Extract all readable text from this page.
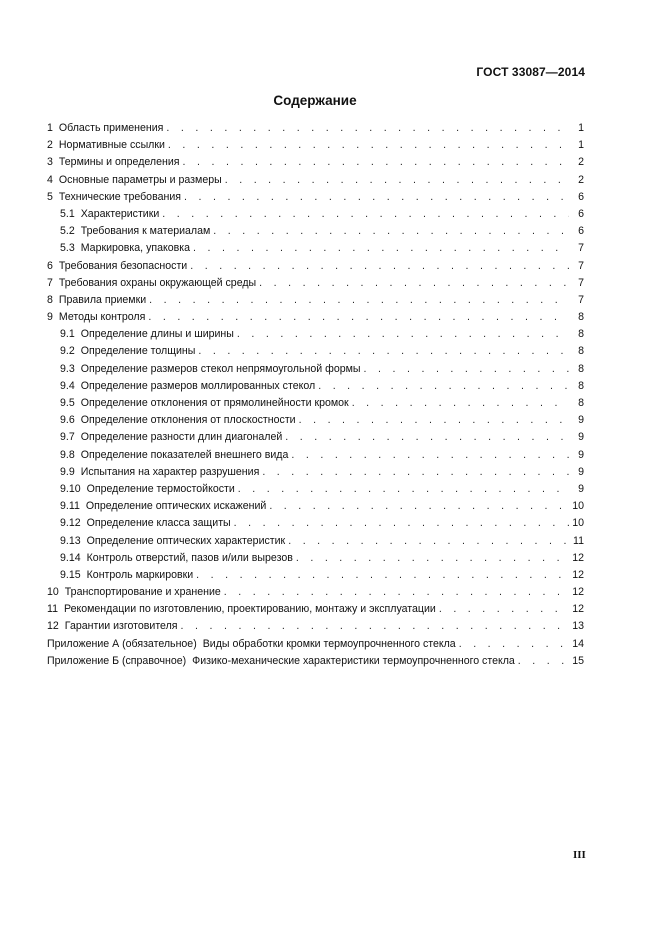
ГОСТ 33087—2014
Содержание
1 Область применения . . .	1
2 Нормативные ссылки . . .	1
3 Термины и определения . . .	2
4 Основные параметры и размеры . . .	2
5 Технические требования . . .	6
5.1 Характеристики . . .	6
5.2 Требования к материалам . . .	6
5.3 Маркировка, упаковка . . .	7
6 Требования безопасности . . .	7
7 Требования охраны окружающей среды . . .	7
8 Правила приемки . . .	7
9 Методы контроля . . .	8
9.1 Определение длины и ширины . . .	8
9.2 Определение толщины . . .	8
9.3 Определение размеров стекол непрямоугольной формы . . .	8
9.4 Определение размеров моллированных стекол . . .	8
9.5 Определение отклонения от прямолинейности кромок . . .	8
9.6 Определение отклонения от плоскостности . . .	9
9.7 Определение разности длин диагоналей . . .	9
9.8 Определение показателей внешнего вида . . .	9
9.9 Испытания на характер разрушения . . .	9
9.10 Определение термостойкости . . .	9
9.11 Определение оптических искажений . . .	10
9.12 Определение класса защиты . . .	10
9.13 Определение оптических характеристик . . .	11
9.14 Контроль отверстий, пазов и/или вырезов . . .	12
9.15 Контроль маркировки . . .	12
10 Транспортирование и хранение . . .	12
11 Рекомендации по изготовлению, проектированию, монтажу и эксплуатации . . .	12
12 Гарантии изготовителя . . .	13
Приложение А (обязательное) Виды обработки кромки термоупрочненного стекла . . .	14
Приложение Б (справочное) Физико-механические характеристики термоупрочненного стекла . . .	15
III
